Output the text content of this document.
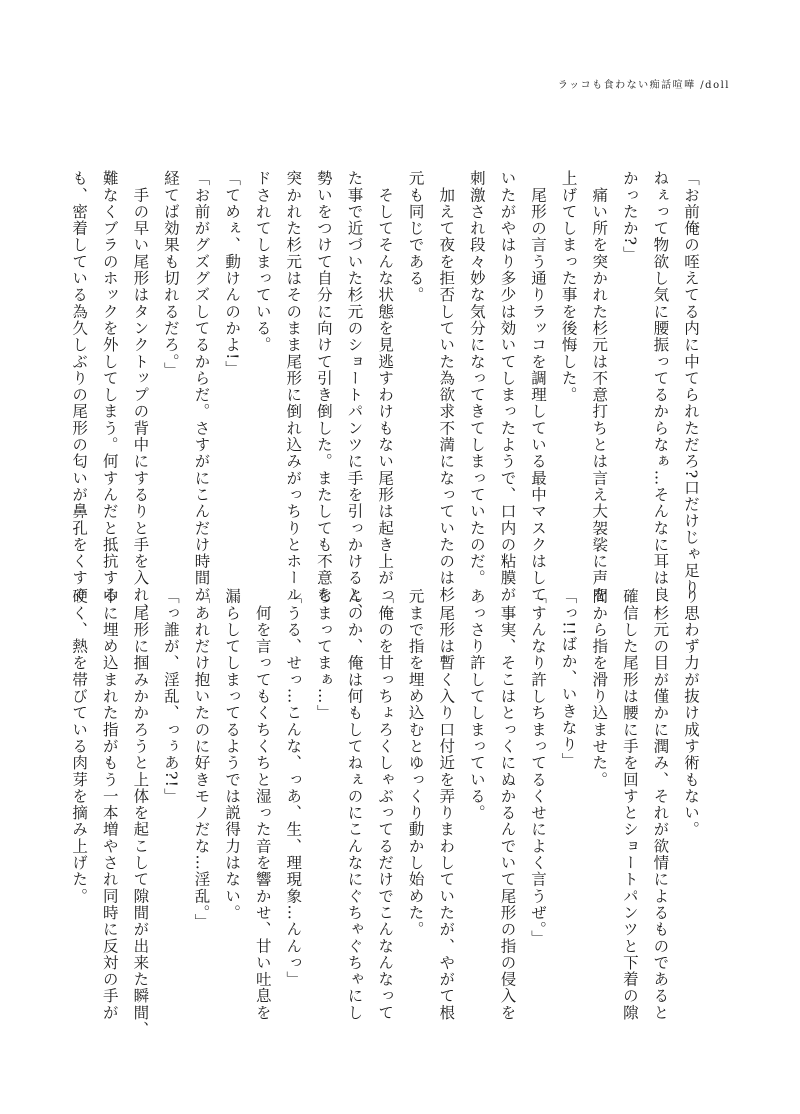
ラッコも食わない痴話喧嘩 /doll

「お前俺の咥えてる内に中てられただろ?口だけじゃ足り

ねぇって物欲し気に腰振ってるからなぁ…そんなに耳は良

かったか?」

　痛い所を突かれた杉元は不意打ちとは言え大袈裟に声を

上げてしまった事を後悔した。

　尾形の言う通りラッコを調理している最中マスクはして

いたがやはり多少は効いてしまったようで、口内の粘膜が

刺激され段々妙な気分になってきてしまっていたのだ。

　加えて夜を拒否していた為欲求不満になっていたのは杉

元も同じである。

　そしてそんな状態を見逃すわけもない尾形は起き上がっ

た事で近づいた杉元のショートパンツに手を引っかけると、

勢いをつけて自分に向けて引き倒した。またしても不意を

突かれた杉元はそのまま尾形に倒れ込みがっちりとホール

ドされてしまっている。

「てめぇ、動けんのかよ!」

「お前がグズグズしてるからだ。さすがにこんだけ時間が

経てば効果も切れるだろ。」

　手の早い尾形はタンクトップの背中にするりと手を入れ、

難なくブラのホックを外してしまう。何すんだと抵抗する

も、密着している為久しぶりの尾形の匂いが鼻孔をくすぐ

り思わず力が抜け成す術もない。

　杉元の目が僅かに潤み、それが欲情によるものであると

確信した尾形は腰に手を回すとショートパンツと下着の隙

間から指を滑り込ませた。

「っ!!ばか、いきなり」

「すんなり許しちまってるくせによく言うぜ。」

　事実、そこはとっくにぬかるんでいて尾形の指の侵入を

あっさり許してしまっている。

　尾形は暫く入り口付近を弄りまわしていたが、やがて根

元まで指を埋め込むとゆっくり動かし始めた。

「俺のを甘っちょろくしゃぶってるだけでこんなんなって

んのか、俺は何もしてねぇのにこんなにぐちゃぐちゃにし

ちまってまぁ…」

「うる、せっ…こんな、っあ、生、理現象…んんっ」

　何を言ってもくちくちと湿った音を響かせ、甘い吐息を

漏らしてしまってるようでは説得力はない。

「あれだけ抱いたのに好きモノだな…淫乱。」

「っ誰が、淫乱、っぅあ?!」

　尾形に掴みかかろうと上体を起こして隙間が出来た瞬間、

中に埋め込まれた指がもう一本増やされ同時に反対の手が

硬く、熱を帯びている肉芽を摘み上げた。
